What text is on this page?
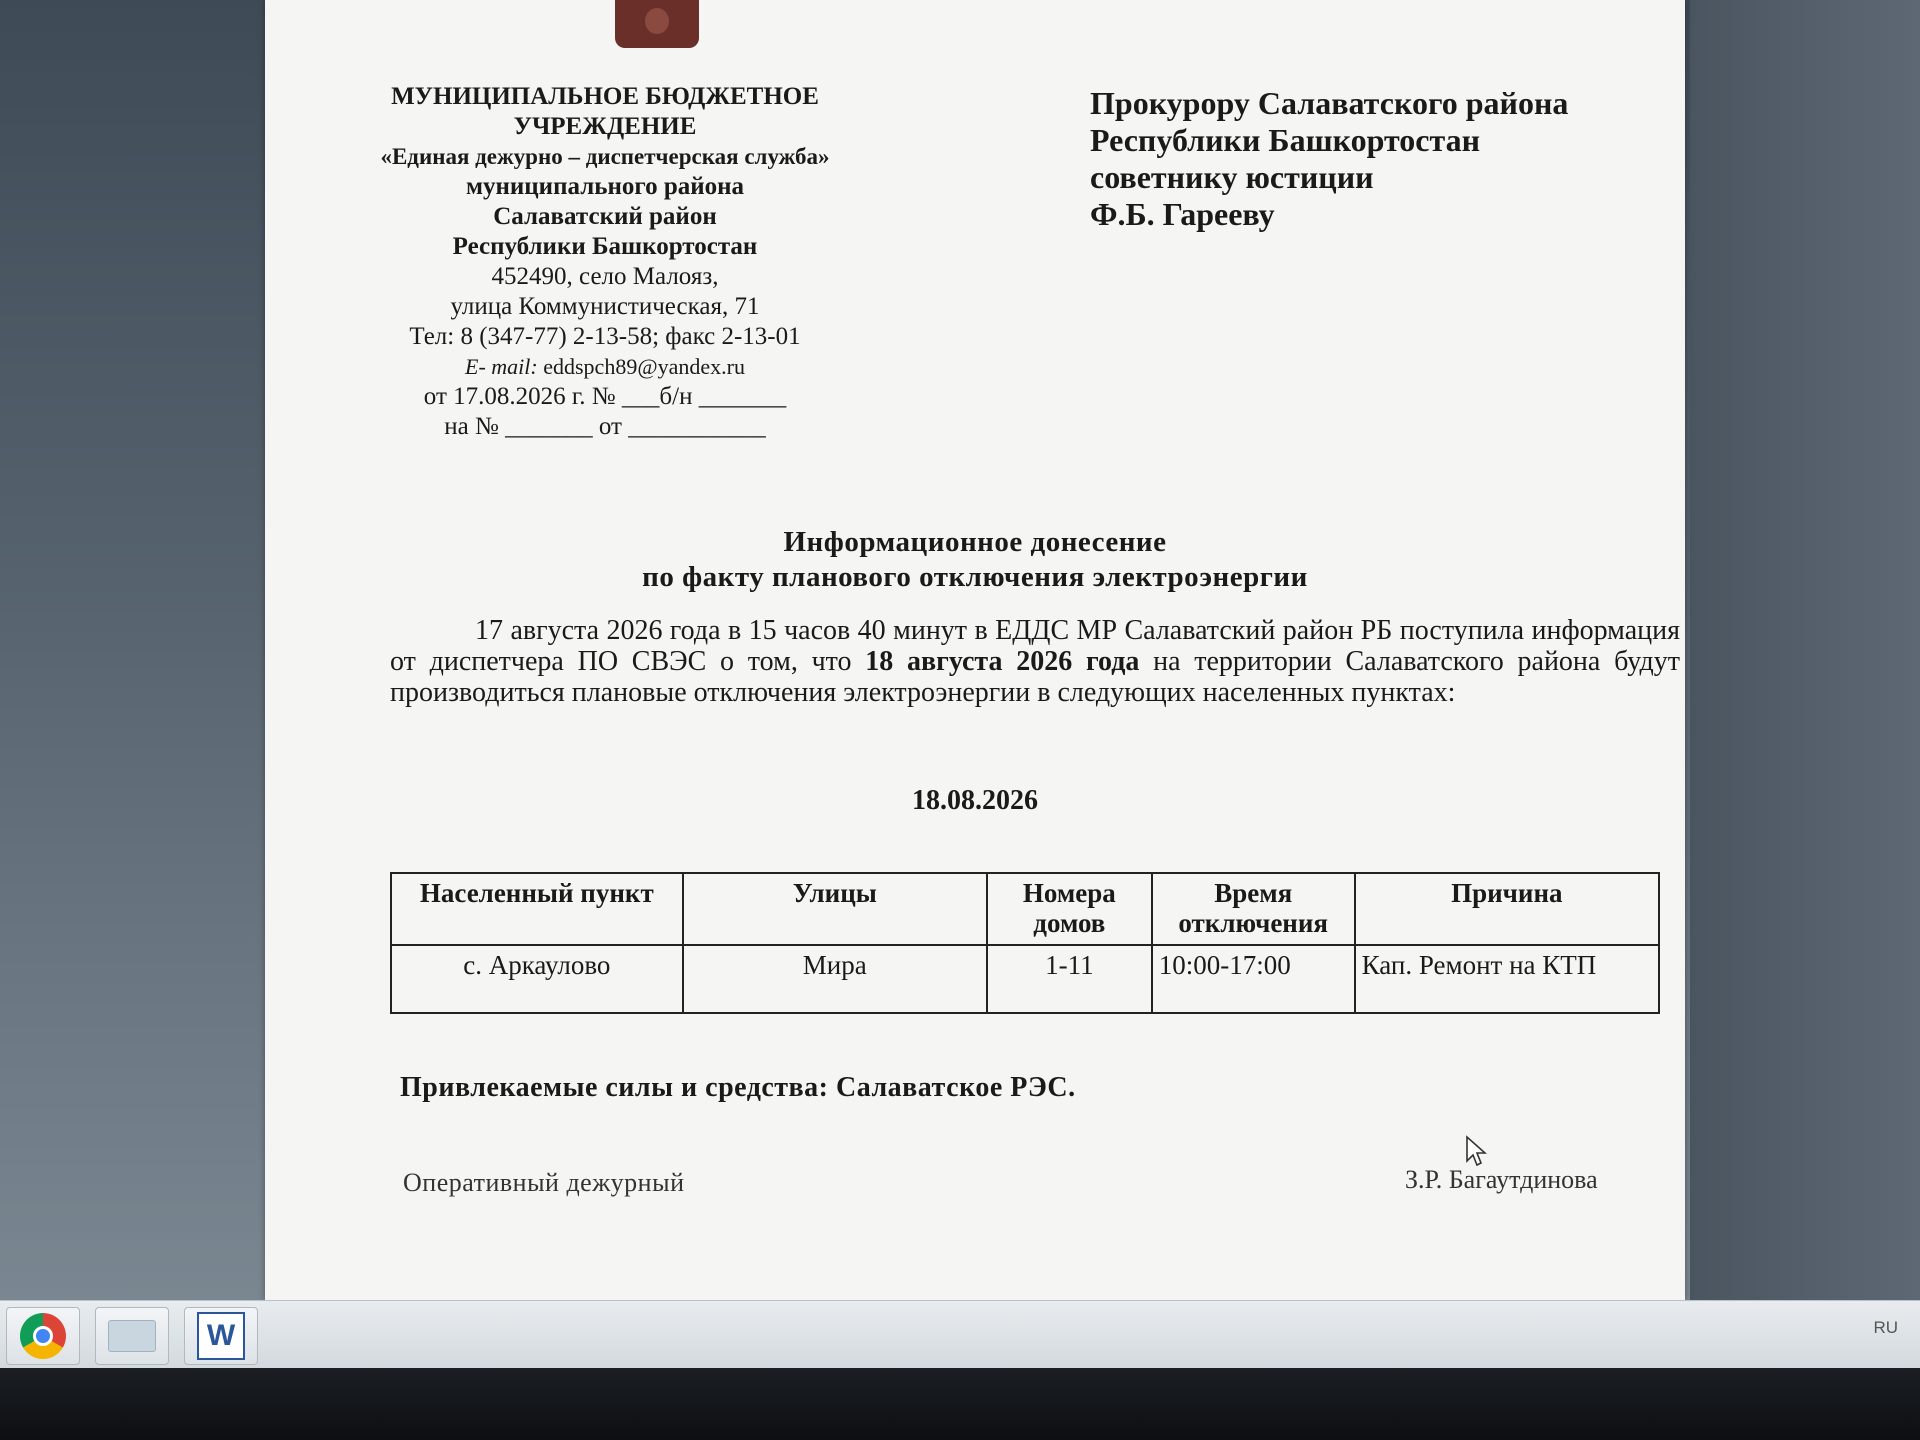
МУНИЦИПАЛЬНОЕ БЮДЖЕТНОЕ
УЧРЕЖДЕНИЕ
«Единая дежурно – диспетчерская служба»
муниципального района
Салаватский район
Республики Башкортостан
452490, село Малояз,
улица Коммунистическая, 71
Тел: 8 (347-77) 2-13-58; факс 2-13-01
E- mail: eddspch89@yandex.ru
от 17.08.2026 г. № ___б/н _______
на № _______ от ___________
Прокурору Салаватского района
Республики Башкортостан
советнику юстиции
Ф.Б. Гарееву
Информационное донесение
по факту планового отключения электроэнергии
17 августа 2026 года в 15 часов 40 минут в ЕДДС МР Салаватский район РБ поступила информация от диспетчера ПО СВЭС о том, что 18 августа 2026 года на территории Салаватского района будут производиться плановые отключения электроэнергии в следующих населенных пунктах:
18.08.2026
Населенный пункт	Улицы	Номера домов	Время отключения	Причина
с. Аркаулово	Мира	1-11	10:00-17:00	Кап. Ремонт на КТП
Привлекаемые силы и средства: Салаватское РЭС.
Оперативный дежурный	З.Р. Багаутдинова
W	RU
